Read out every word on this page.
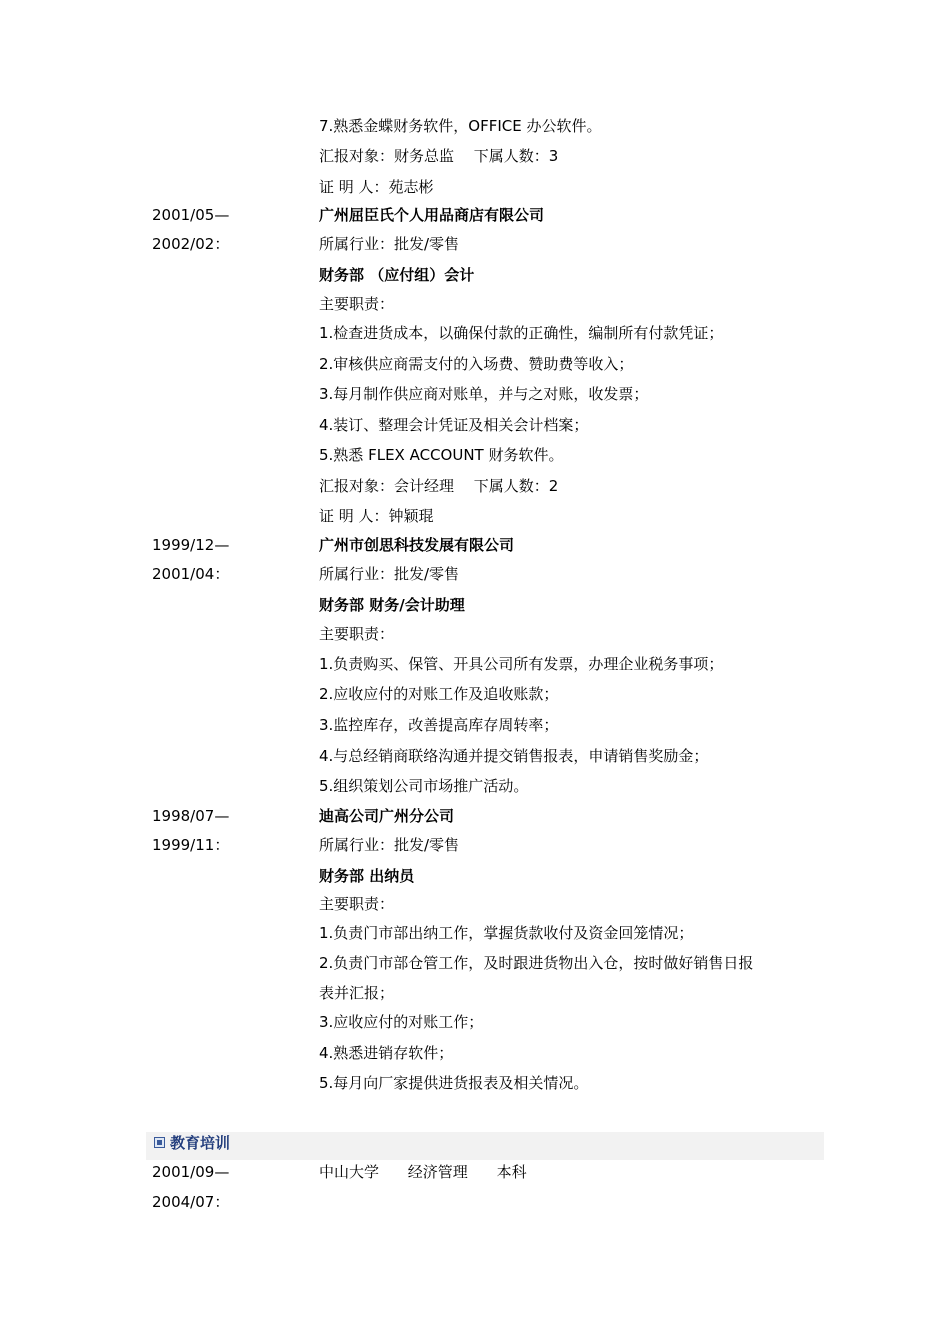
7.熟悉金蝶财务软件，OFFICE 办公软件。
汇报对象：财务总监　 下属人数：3
证 明 人：苑志彬
2001/05—	广州屈臣氏个人用品商店有限公司
2002/02：	所属行业：批发/零售
财务部 （应付组）会计
主要职责：
1.检查进货成本，以确保付款的正确性，编制所有付款凭证；
2.审核供应商需支付的入场费、赞助费等收入；
3.每月制作供应商对账单，并与之对账，收发票；
4.装订、整理会计凭证及相关会计档案；
5.熟悉 FLEX ACCOUNT 财务软件。
汇报对象：会计经理　 下属人数：2
证 明 人：钟颖琨
1999/12—	广州市创思科技发展有限公司
2001/04：	所属行业：批发/零售
财务部 财务/会计助理
主要职责：
1.负责购买、保管、开具公司所有发票，办理企业税务事项；
2.应收应付的对账工作及追收账款；
3.监控库存，改善提高库存周转率；
4.与总经销商联络沟通并提交销售报表，申请销售奖励金；
5.组织策划公司市场推广活动。
1998/07—	迪高公司广州分公司
1999/11：	所属行业：批发/零售
财务部 出纳员
主要职责：
1.负责门市部出纳工作，掌握货款收付及资金回笼情况；
2.负责门市部仓管工作，及时跟进货物出入仓，按时做好销售日报
表并汇报；
3.应收应付的对账工作；
4.熟悉进销存软件；
5.每月向厂家提供进货报表及相关情况。
教育培训
2001/09—	中山大学 经济管理 本科
2004/07：
